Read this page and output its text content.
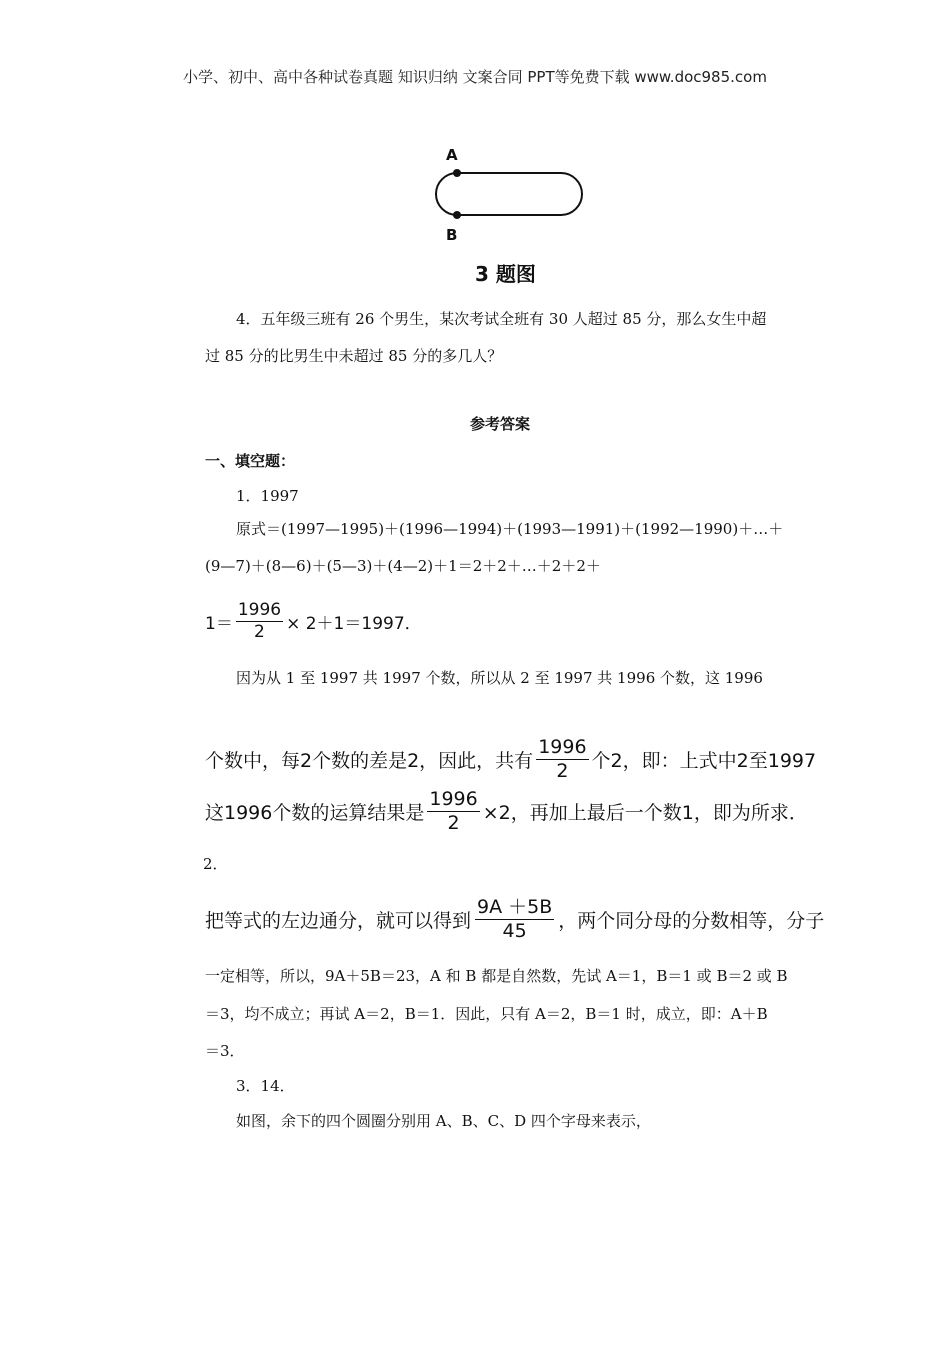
小学、初中、高中各种试卷真题 知识归纳 文案合同 PPT等免费下载 www.doc985.com
A
B
3 题图
4．五年级三班有 26 个男生，某次考试全班有 30 人超过 85 分，那么女生中超
过 85 分的比男生中未超过 85 分的多几人？
参考答案
一、填空题：
1．1997
原式＝(1997—1995)＋(1996—1994)＋(1993—1991)＋(1992—1990)＋…＋
(9—7)＋(8—6)＋(5—3)＋(4—2)＋1＝2＋2＋…＋2＋2＋
$1= \frac{1996}{2} \times 2+1=1997$．
因为从 1 至 1997 共 1997 个数，所以从 2 至 1997 共 1996 个数，这 1996
个数中，每2个数的差是2，因此，共有 $\frac{1996}{2}$ 个2，即：上式中2至1997
这1996个数的运算结果是 $\frac{1996}{2} \times 2$，再加上最后一个数1，即为所求．
2．
把等式的左边通分，就可以得到 $\frac{9A +5B}{45}$ ，两个同分母的分数相等，分子
一定相等，所以，9A＋5B＝23，A 和 B 都是自然数，先试 A＝1，B＝1 或 B＝2 或 B
＝3，均不成立；再试 A＝2，B＝1．因此，只有 A＝2，B＝1 时，成立，即：A＋B
＝3．
3．14．
如图，余下的四个圆圈分别用 A、B、C、D 四个字母来表示，
